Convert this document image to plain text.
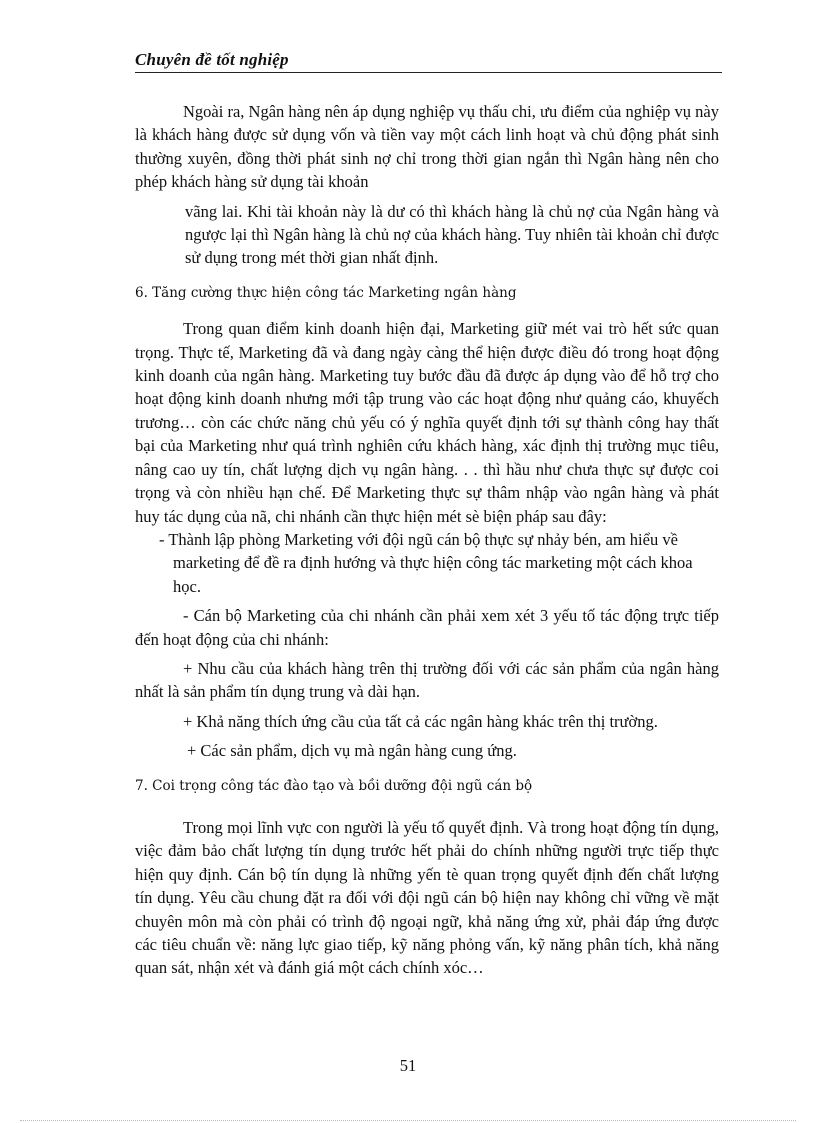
Chuyên đề tốt nghiệp

Ngoài ra, Ngân hàng nên áp dụng nghiệp vụ thấu chi, ưu điểm của nghiệp vụ này là khách hàng được sử dụng vốn và tiền vay một cách linh hoạt và chủ động phát sinh thường xuyên, đồng thời phát sinh nợ chỉ trong thời gian ngắn thì Ngân hàng nên cho phép khách hàng sử dụng tài khoản

vãng lai. Khi tài khoản này là dư có thì khách hàng là chủ nợ của Ngân hàng và ngược lại thì Ngân hàng là chủ nợ của khách hàng. Tuy nhiên tài khoản chỉ được sử dụng trong mét thời gian nhất định.

6. Tăng cường thực hiện công tác Marketing ngân hàng

Trong quan điểm kinh doanh hiện đại, Marketing giữ mét vai trò hết sức quan trọng. Thực tế, Marketing đã và đang ngày càng thể hiện được điều đó trong hoạt động kinh doanh của ngân hàng. Marketing tuy bước đầu đã được áp dụng vào để hỗ trợ cho hoạt động kinh doanh nhưng mới tập trung vào các hoạt động như quảng cáo, khuyếch trương… còn các chức năng chủ yếu có ý nghĩa quyết định tới sự thành công hay thất bại của Marketing như quá trình nghiên cứu khách hàng, xác định thị trường mục tiêu, nâng cao uy tín, chất lượng dịch vụ ngân hàng. . . thì hầu như chưa thực sự được coi trọng và còn nhiều hạn chế. Để Marketing thực sự thâm nhập vào ngân hàng và phát huy tác dụng của nã, chi nhánh cần thực hiện mét sè biện pháp sau đây:

- Thành lập phòng Marketing với đội ngũ cán bộ thực sự nhảy bén, am hiểu về marketing để đề ra định hướng và thực hiện công tác marketing một cách khoa học.

- Cán bộ Marketing của chi nhánh cần phải xem xét 3 yếu tố tác động trực tiếp đến hoạt động của chi nhánh:

+ Nhu cầu của khách hàng trên thị trường đối với các sản phẩm của ngân hàng nhất là sản phẩm tín dụng trung và dài hạn.

+ Khả năng thích ứng cầu của tất cả các ngân hàng khác trên thị trường.

+ Các sản phẩm, dịch vụ mà ngân hàng cung ứng.

7. Coi trọng công tác đào tạo và bồi dưỡng đội ngũ cán bộ

Trong mọi lĩnh vực con người là yếu tố quyết định. Và trong hoạt động tín dụng, việc đảm bảo chất lượng tín dụng trước hết phải do chính những người trực tiếp thực hiện quy định. Cán bộ tín dụng là những yến tè quan trọng quyết định đến chất lượng tín dụng. Yêu cầu chung đặt ra đối với đội ngũ cán bộ hiện nay không chỉ vững về mặt chuyên môn mà còn phải có trình độ ngoại ngữ, khả năng ứng xử, phải đáp ứng được các tiêu chuẩn về: năng lực giao tiếp, kỹ năng phỏng vấn, kỹ năng phân tích, khả năng quan sát, nhận xét và đánh giá một cách chính xóc…

51
